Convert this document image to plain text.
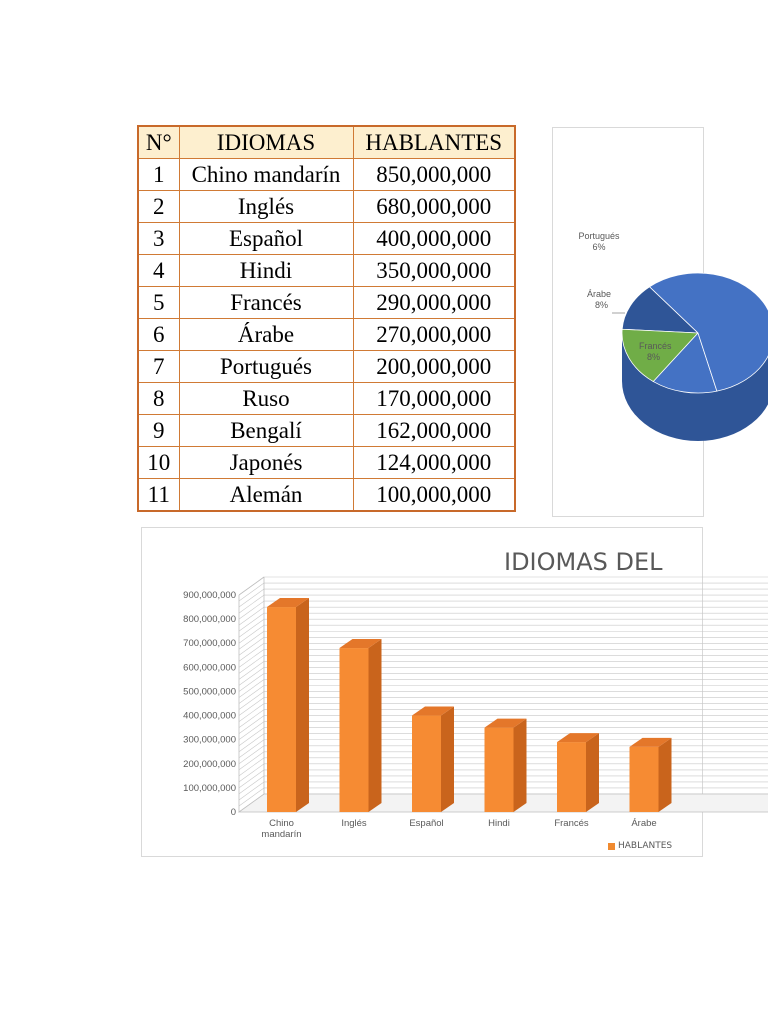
N°	IDIOMAS	HABLANTES
1	Chino mandarín	850,000,000
2	Inglés	680,000,000
3	Español	400,000,000
4	Hindi	350,000,000
5	Francés	290,000,000
6	Árabe	270,000,000
7	Portugués	200,000,000
8	Ruso	170,000,000
9	Bengalí	162,000,000
10	Japonés	124,000,000
11	Alemán	100,000,000
Portugués
6%
Árabe
8%
Francés
8%
0
100,000,000
200,000,000
300,000,000
400,000,000
500,000,000
600,000,000
700,000,000
800,000,000
900,000,000
Chino
mandarín
Inglés	Español	Hindi	Francés	Árabe
IDIOMAS DEL
HABLANTES
